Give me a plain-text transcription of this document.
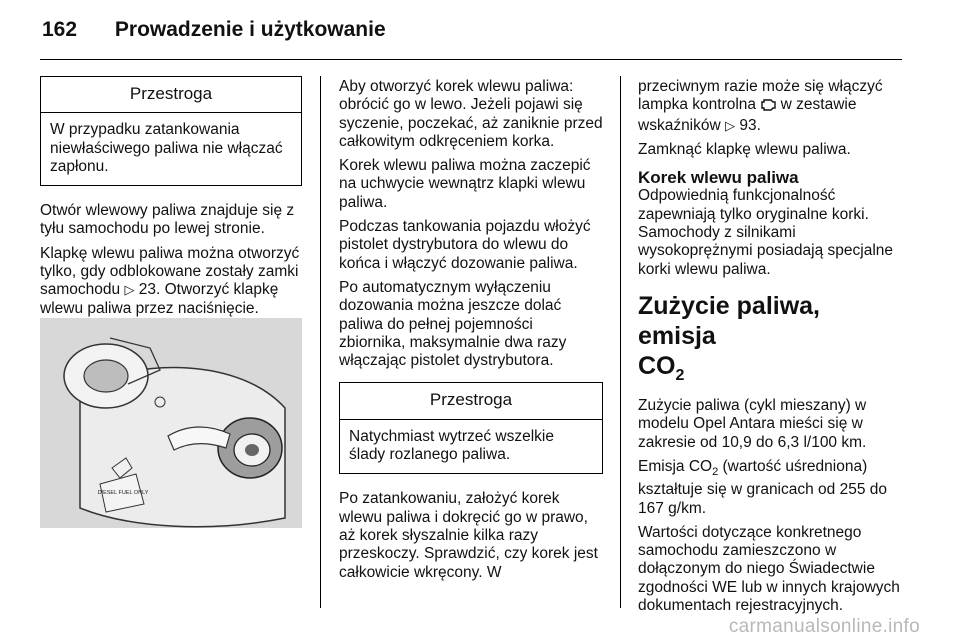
162 Prowadzenie i użytkowanie
Przestroga
W przypadku zatankowania niewłaściwego paliwa nie włączać zapłonu.

Otwór wlewowy paliwa znajduje się z tyłu samochodu po lewej stronie.

Klapkę wlewu paliwa można otworzyć tylko, gdy odblokowane zostały zamki samochodu ▷ 23. Otworzyć klapkę wlewu paliwa przez naciśnięcie.

DIESEL FUEL ONLY

Aby otworzyć korek wlewu paliwa: obrócić go w lewo. Jeżeli pojawi się syczenie, poczekać, aż zaniknie przed całkowitym odkręceniem korka.

Korek wlewu paliwa można zaczepić na uchwycie wewnątrz klapki wlewu paliwa.

Podczas tankowania pojazdu włożyć pistolet dystrybutora do wlewu do końca i włączyć dozowanie paliwa.

Po automatycznym wyłączeniu dozowania można jeszcze dolać paliwa do pełnej pojemności zbiornika, maksymalnie dwa razy włączając pistolet dystrybutora.

Przestroga
Natychmiast wytrzeć wszelkie ślady rozlanego paliwa.

Po zatankowaniu, założyć korek wlewu paliwa i dokręcić go w prawo, aż korek słyszalnie kilka razy przeskoczy. Sprawdzić, czy korek jest całkowicie wkręcony. W

przeciwnym razie może się włączyć lampka kontrolna w zestawie wskaźników ▷ 93.

Zamknąć klapkę wlewu paliwa.

Korek wlewu paliwa

Odpowiednią funkcjonalność zapewniają tylko oryginalne korki. Samochody z silnikami wysokoprężnymi posiadają specjalne korki wlewu paliwa.

Zużycie paliwa, emisja
$CO_2$

Zużycie paliwa (cykl mieszany) w modelu Opel Antara mieści się w zakresie od 10,9 do 6,3 l/100 km.

Emisja $CO_2$ (wartość uśredniona) kształtuje się w granicach od 255 do 167 g/km.

Wartości dotyczące konkretnego samochodu zamieszczono w dołączonym do niego Świadectwie zgodności WE lub w innych krajowych dokumentach rejestracyjnych.

carmanualsonline.info
